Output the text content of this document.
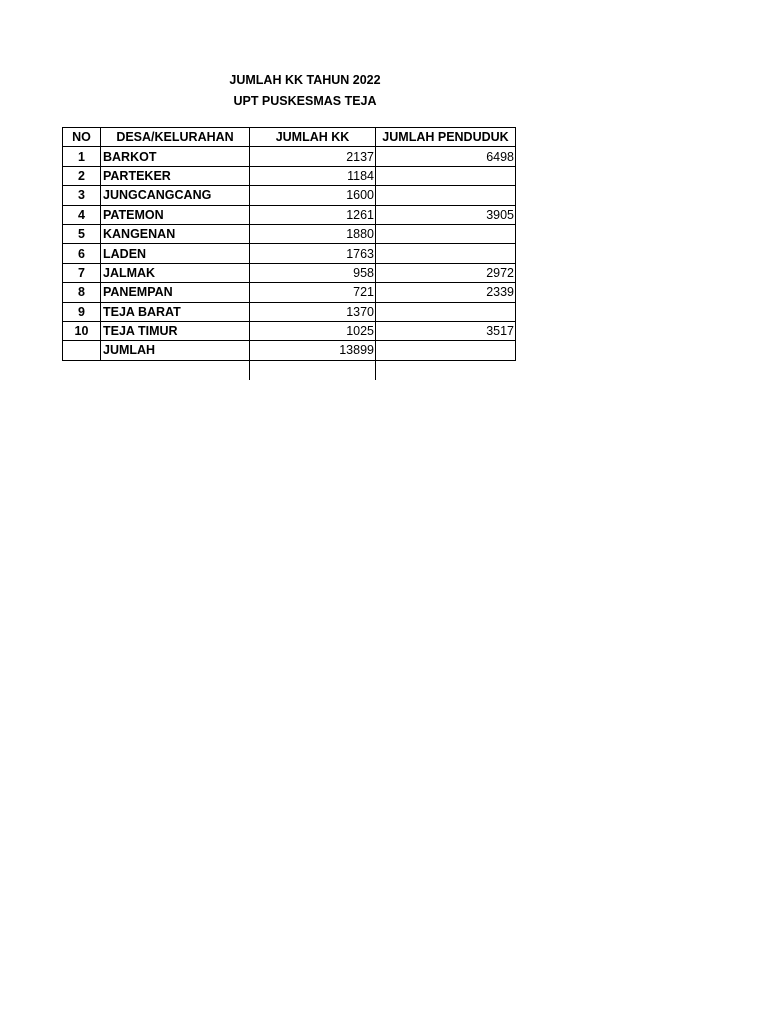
JUMLAH KK TAHUN 2022
UPT PUSKESMAS TEJA
NO	DESA/KELURAHAN	JUMLAH KK	JUMLAH PENDUDUK
1	BARKOT	2137	6498
2	PARTEKER	1184	
3	JUNGCANGCANG	1600	
4	PATEMON	1261	3905
5	KANGENAN	1880	
6	LADEN	1763	
7	JALMAK	958	2972
8	PANEMPAN	721	2339
9	TEJA BARAT	1370	
10	TEJA TIMUR	1025	3517
	JUMLAH	13899	
